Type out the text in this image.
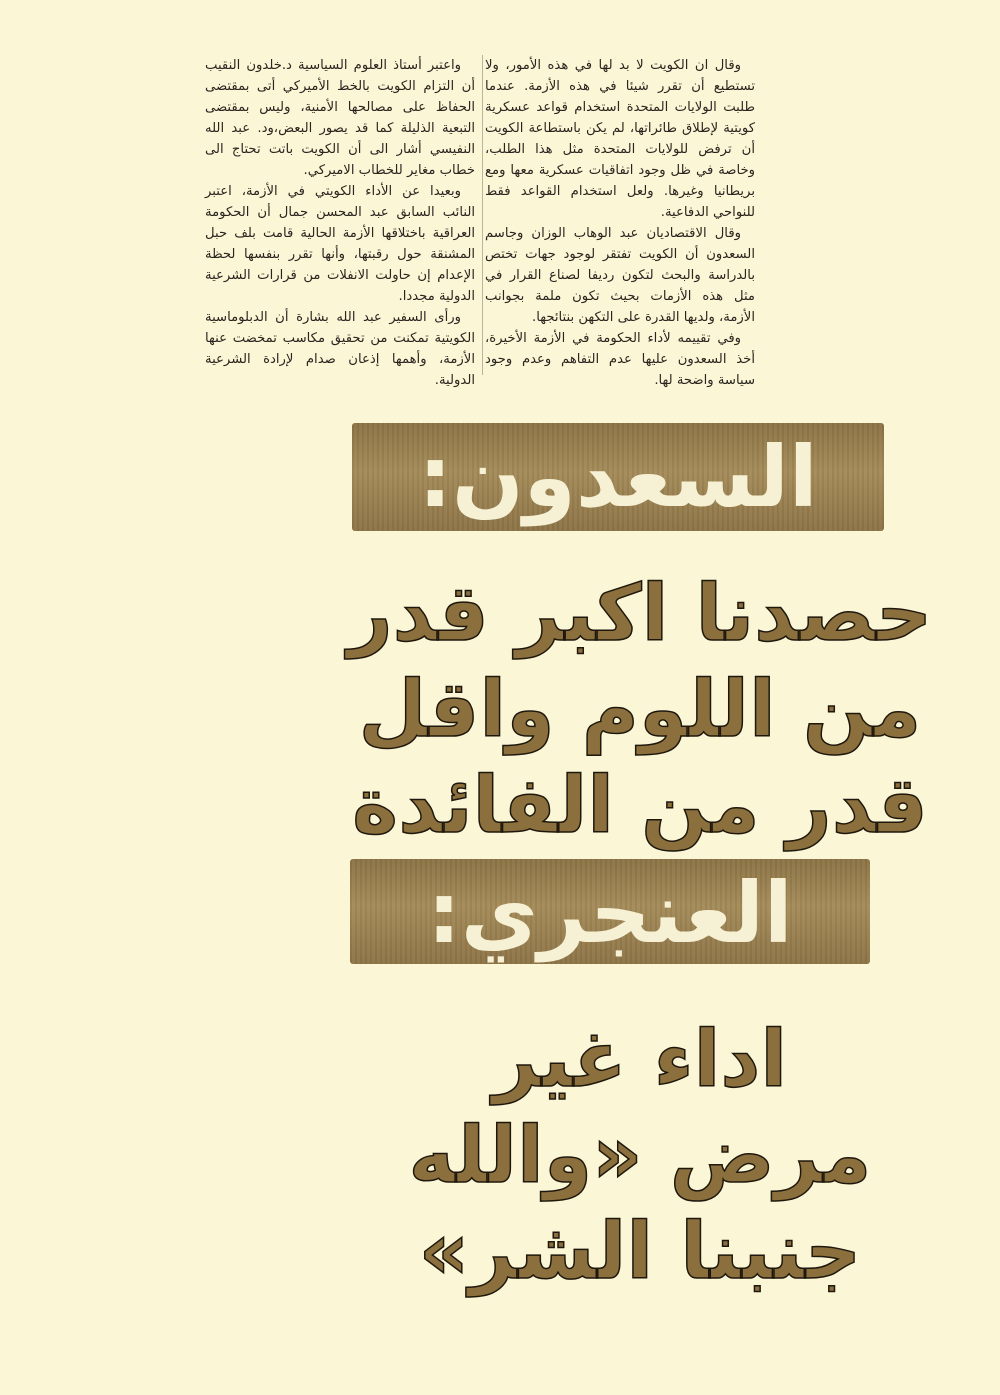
وقال ان الكويت لا بد لها في هذه الأمور، ولا تستطيع أن تقرر شيئا في هذه الأزمة. عندما طلبت الولايات المتحدة استخدام قواعد عسكرية كويتية لإطلاق طائراتها، لم يكن باستطاعة الكويت أن ترفض للولايات المتحدة مثل هذا الطلب، وخاصة في ظل وجود اتفاقيات عسكرية معها ومع بريطانيا وغيرها. ولعل استخدام القواعد فقط للنواحي الدفاعية.

وقال الاقتصاديان عبد الوهاب الوزان وجاسم السعدون أن الكويت تفتقر لوجود جهات تختص بالدراسة والبحث لتكون رديفا لصناع القرار في مثل هذه الأزمات بحيث تكون ملمة بجوانب الأزمة، ولديها القدرة على التكهن بنتائجها.

وفي تقييمه لأداء الحكومة في الأزمة الأخيرة، أخذ السعدون عليها عدم التفاهم وعدم وجود سياسة واضحة لها.

واعتبر أستاذ العلوم السياسية د.خلدون النقيب أن التزام الكويت بالخط الأميركي أتى بمقتضى الحفاظ على مصالحها الأمنية، وليس بمقتضى التبعية الذليلة كما قد يصور البعض،ود. عبد الله النفيسي أشار الى أن الكويت باتت تحتاج الى خطاب مغاير للخطاب الاميركي.

وبعيدا عن الأداء الكويتي في الأزمة، اعتبر النائب السابق عبد المحسن جمال أن الحكومة العراقية باختلاقها الأزمة الحالية قامت بلف حبل المشنقة حول رقبتها، وأنها تقرر بنفسها لحظة الإعدام إن حاولت الانفلات من قرارات الشرعية الدولية مجددا.

ورأى السفير عبد الله بشارة أن الدبلوماسية الكويتية تمكنت من تحقيق مكاسب تمخضت عنها الأزمة، وأهمها إذعان صدام لإرادة الشرعية الدولية.

السعدون:
حصدنا اكبر قدر
من اللوم واقل
قدر من الفائدة
العنجري:
اداء غير
مرض «والله
جنبنا الشر»
